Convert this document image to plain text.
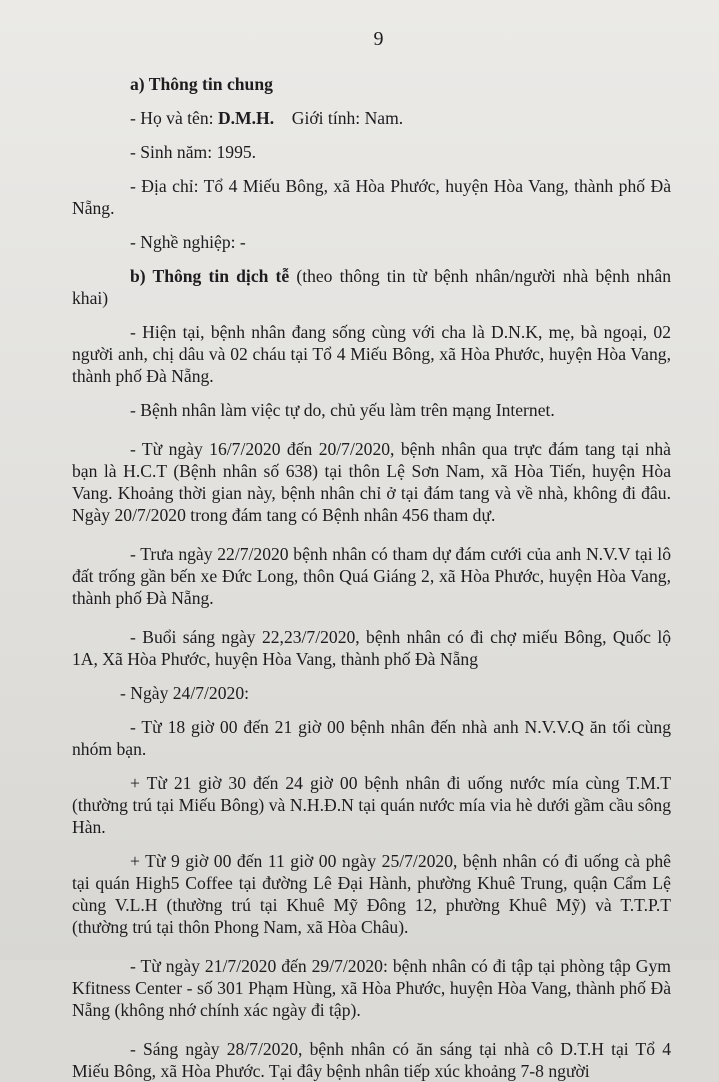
9

a) Thông tin chung

- Họ và tên: D.M.H. Giới tính: Nam.

- Sinh năm: 1995.

- Địa chỉ: Tổ 4 Miếu Bông, xã Hòa Phước, huyện Hòa Vang, thành phố Đà Nẵng.

- Nghề nghiệp: -

b) Thông tin dịch tễ (theo thông tin từ bệnh nhân/người nhà bệnh nhân khai)

- Hiện tại, bệnh nhân đang sống cùng với cha là D.N.K, mẹ, bà ngoại, 02 người anh, chị dâu và 02 cháu tại Tổ 4 Miếu Bông, xã Hòa Phước, huyện Hòa Vang, thành phố Đà Nẵng.

- Bệnh nhân làm việc tự do, chủ yếu làm trên mạng Internet.

- Từ ngày 16/7/2020 đến 20/7/2020, bệnh nhân qua trực đám tang tại nhà bạn là H.C.T (Bệnh nhân số 638) tại thôn Lệ Sơn Nam, xã Hòa Tiến, huyện Hòa Vang. Khoảng thời gian này, bệnh nhân chỉ ở tại đám tang và về nhà, không đi đâu. Ngày 20/7/2020 trong đám tang có Bệnh nhân 456 tham dự.

- Trưa ngày 22/7/2020 bệnh nhân có tham dự đám cưới của anh N.V.V tại lô đất trống gần bến xe Đức Long, thôn Quá Giáng 2, xã Hòa Phước, huyện Hòa Vang, thành phố Đà Nẵng.

- Buổi sáng ngày 22,23/7/2020, bệnh nhân có đi chợ miếu Bông, Quốc lộ 1A, Xã Hòa Phước, huyện Hòa Vang, thành phố Đà Nẵng

- Ngày 24/7/2020:

- Từ 18 giờ 00 đến 21 giờ 00 bệnh nhân đến nhà anh N.V.V.Q ăn tối cùng nhóm bạn.

+ Từ 21 giờ 30 đến 24 giờ 00 bệnh nhân đi uống nước mía cùng T.M.T (thường trú tại Miếu Bông) và N.H.Đ.N tại quán nước mía via hè dưới gầm cầu sông Hàn.

+ Từ 9 giờ 00 đến 11 giờ 00 ngày 25/7/2020, bệnh nhân có đi uống cà phê tại quán High5 Coffee tại đường Lê Đại Hành, phường Khuê Trung, quận Cẩm Lệ cùng V.L.H (thường trú tại Khuê Mỹ Đông 12, phường Khuê Mỹ) và T.T.P.T (thường trú tại thôn Phong Nam, xã Hòa Châu).

- Từ ngày 21/7/2020 đến 29/7/2020: bệnh nhân có đi tập tại phòng tập Gym Kfitness Center - số 301 Phạm Hùng, xã Hòa Phước, huyện Hòa Vang, thành phố Đà Nẵng (không nhớ chính xác ngày đi tập).

- Sáng ngày 28/7/2020, bệnh nhân có ăn sáng tại nhà cô D.T.H tại Tổ 4 Miếu Bông, xã Hòa Phước. Tại đây bệnh nhân tiếp xúc khoảng 7-8 người
